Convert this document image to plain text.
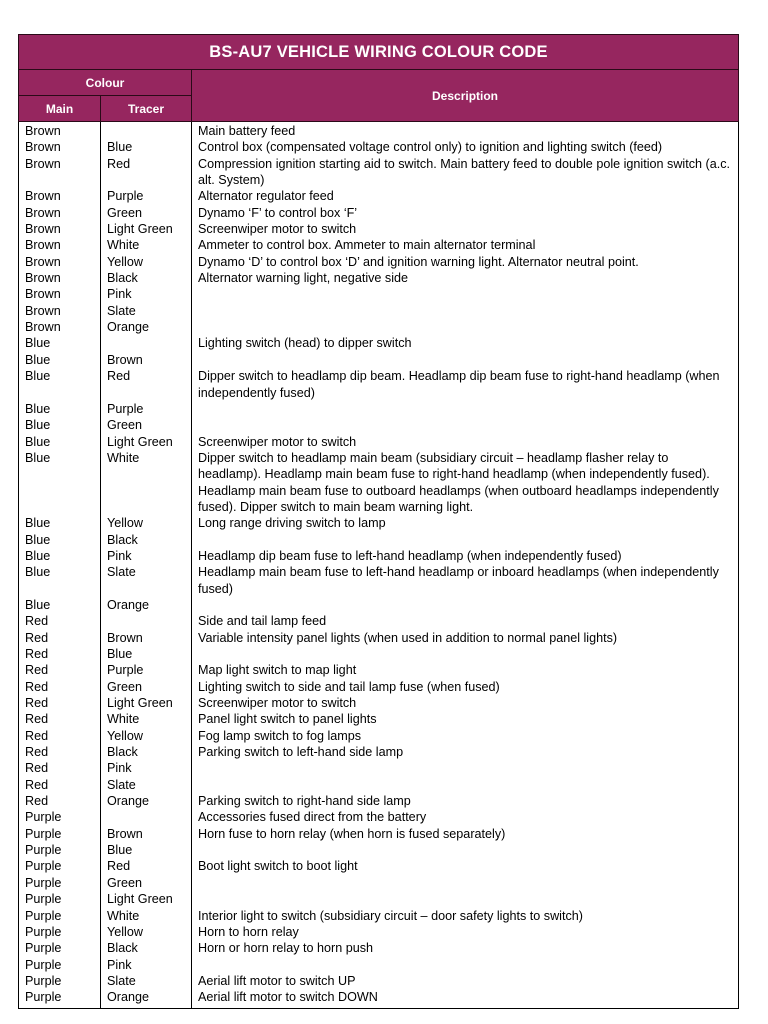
BS-AU7 VEHICLE WIRING COLOUR CODE		
Colour		Description
Main	Tracer	
Brown		Main battery feed
Brown	Blue	Control box (compensated voltage control only) to ignition and lighting switch (feed)
Brown	Red	Compression ignition starting aid to switch. Main battery feed to double pole ignition switch (a.c. alt. System)
Brown	Purple	Alternator regulator feed
Brown	Green	Dynamo ‘F’ to control box ‘F’
Brown	Light Green	Screenwiper motor to switch
Brown	White	Ammeter to control box. Ammeter to main alternator terminal
Brown	Yellow	Dynamo ‘D’ to control box ‘D’ and ignition warning light. Alternator neutral point.
Brown	Black	Alternator warning light, negative side
Brown	Pink	
Brown	Slate	
Brown	Orange	
Blue		Lighting switch (head) to dipper switch
Blue	Brown	
Blue	Red	Dipper switch to headlamp dip beam. Headlamp dip beam fuse to right-hand headlamp (when independently fused)
Blue	Purple	
Blue	Green	
Blue	Light Green	Screenwiper motor to switch
Blue	White	Dipper switch to headlamp main beam (subsidiary circuit – headlamp flasher relay to headlamp). Headlamp main beam fuse to right-hand headlamp (when independently fused). Headlamp main beam fuse to outboard headlamps (when outboard headlamps independently fused). Dipper switch to main beam warning light.
Blue	Yellow	Long range driving switch to lamp
Blue	Black	
Blue	Pink	Headlamp dip beam fuse to left-hand headlamp (when independently fused)
Blue	Slate	Headlamp main beam fuse to left-hand headlamp or inboard headlamps (when independently fused)
Blue	Orange	
Red		Side and tail lamp feed
Red	Brown	Variable intensity panel lights (when used in addition to normal panel lights)
Red	Blue	
Red	Purple	Map light switch to map light
Red	Green	Lighting switch to side and tail lamp fuse (when fused)
Red	Light Green	Screenwiper motor to switch
Red	White	Panel light switch to panel lights
Red	Yellow	Fog lamp switch to fog lamps
Red	Black	Parking switch to left-hand side lamp
Red	Pink	
Red	Slate	
Red	Orange	Parking switch to right-hand side lamp
Purple		Accessories fused direct from the battery
Purple	Brown	Horn fuse to horn relay (when horn is fused separately)
Purple	Blue	
Purple	Red	Boot light switch to boot light
Purple	Green	
Purple	Light Green	
Purple	White	Interior light to switch (subsidiary circuit – door safety lights to switch)
Purple	Yellow	Horn to horn relay
Purple	Black	Horn or horn relay to horn push
Purple	Pink	
Purple	Slate	Aerial lift motor to switch UP
Purple	Orange	Aerial lift motor to switch DOWN
